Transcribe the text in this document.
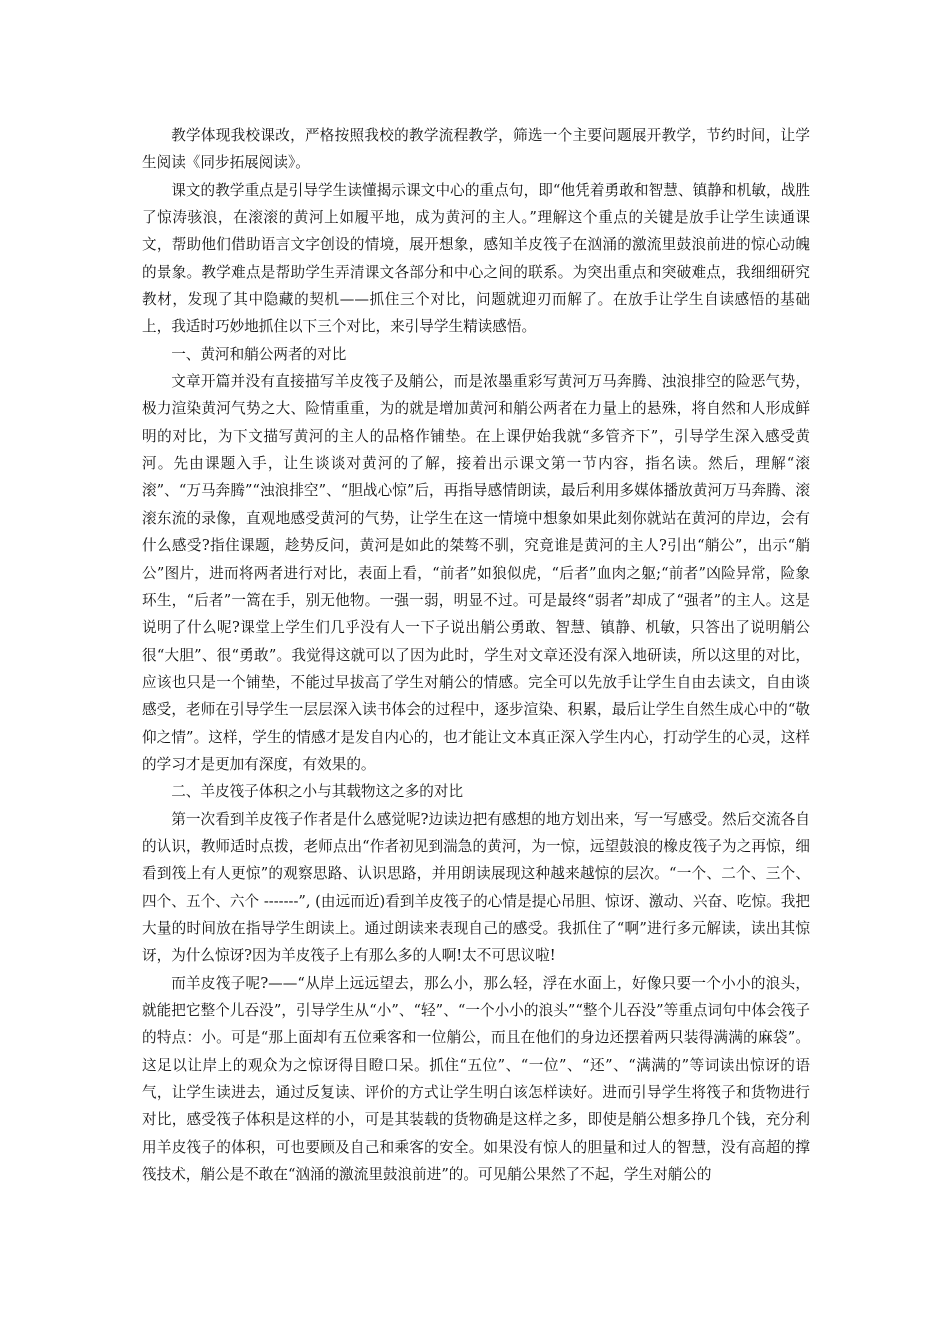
教学体现我校课改，严格按照我校的教学流程教学，筛选一个主要问题展开教学，节约时间，让学生阅读《同步拓展阅读》。

课文的教学重点是引导学生读懂揭示课文中心的重点句，即“他凭着勇敢和智慧、镇静和机敏，战胜了惊涛骇浪，在滚滚的黄河上如履平地，成为黄河的主人。”理解这个重点的关键是放手让学生读通课文，帮助他们借助语言文字创设的情境，展开想象，感知羊皮筏子在汹涌的激流里鼓浪前进的惊心动魄的景象。教学难点是帮助学生弄清课文各部分和中心之间的联系。为突出重点和突破难点，我细细研究教材，发现了其中隐藏的契机——抓住三个对比，问题就迎刃而解了。在放手让学生自读感悟的基础上，我适时巧妙地抓住以下三个对比，来引导学生精读感悟。

一、黄河和艄公两者的对比

文章开篇并没有直接描写羊皮筏子及艄公，而是浓墨重彩写黄河万马奔腾、浊浪排空的险恶气势，极力渲染黄河气势之大、险情重重，为的就是增加黄河和艄公两者在力量上的悬殊，将自然和人形成鲜明的对比，为下文描写黄河的主人的品格作铺垫。在上课伊始我就“多管齐下”，引导学生深入感受黄河。先由课题入手，让生谈谈对黄河的了解，接着出示课文第一节内容，指名读。然后，理解“滚滚”、“万马奔腾”“浊浪排空”、“胆战心惊”后，再指导感情朗读，最后利用多媒体播放黄河万马奔腾、滚滚东流的录像，直观地感受黄河的气势，让学生在这一情境中想象如果此刻你就站在黄河的岸边，会有什么感受?指住课题，趁势反问，黄河是如此的桀骜不驯，究竟谁是黄河的主人?引出“艄公”，出示“艄公”图片，进而将两者进行对比，表面上看，“前者”如狼似虎，“后者”血肉之躯;“前者”凶险异常，险象环生，“后者”一篙在手，别无他物。一强一弱，明显不过。可是最终“弱者”却成了“强者”的主人。这是说明了什么呢?课堂上学生们几乎没有人一下子说出艄公勇敢、智慧、镇静、机敏，只答出了说明艄公很“大胆”、很“勇敢”。我觉得这就可以了因为此时，学生对文章还没有深入地研读，所以这里的对比，应该也只是一个铺垫，不能过早拔高了学生对艄公的情感。完全可以先放手让学生自由去读文，自由谈感受，老师在引导学生一层层深入读书体会的过程中，逐步渲染、积累，最后让学生自然生成心中的“敬仰之情”。这样，学生的情感才是发自内心的，也才能让文本真正深入学生内心，打动学生的心灵，这样的学习才是更加有深度，有效果的。

二、羊皮筏子体积之小与其载物这之多的对比

第一次看到羊皮筏子作者是什么感觉呢?边读边把有感想的地方划出来，写一写感受。然后交流各自的认识，教师适时点拨，老师点出“作者初见到湍急的黄河，为一惊，远望鼓浪的橡皮筏子为之再惊，细看到筏上有人更惊”的观察思路、认识思路，并用朗读展现这种越来越惊的层次。“一个、二个、三个、四个、五个、六个 -------”, (由远而近)看到羊皮筏子的心情是提心吊胆、惊讶、激动、兴奋、吃惊。我把大量的时间放在指导学生朗读上。通过朗读来表现自己的感受。我抓住了“啊”进行多元解读，读出其惊讶，为什么惊讶?因为羊皮筏子上有那么多的人啊!太不可思议啦!

而羊皮筏子呢?——“从岸上远远望去，那么小，那么轻，浮在水面上，好像只要一个小小的浪头，就能把它整个儿吞没”，引导学生从“小”、“轻”、“一个小小的浪头”“整个儿吞没”等重点词句中体会筏子的特点：小。可是“那上面却有五位乘客和一位艄公，而且在他们的身边还摆着两只装得满满的麻袋”。这足以让岸上的观众为之惊讶得目瞪口呆。抓住“五位”、“一位”、“还”、“满满的”等词读出惊讶的语气，让学生读进去，通过反复读、评价的方式让学生明白该怎样读好。进而引导学生将筏子和货物进行对比，感受筏子体积是这样的小，可是其装载的货物确是这样之多，即使是艄公想多挣几个钱，充分利用羊皮筏子的体积，可也要顾及自己和乘客的安全。如果没有惊人的胆量和过人的智慧，没有高超的撑筏技术，艄公是不敢在“汹涌的激流里鼓浪前进”的。可见艄公果然了不起，学生对艄公的
